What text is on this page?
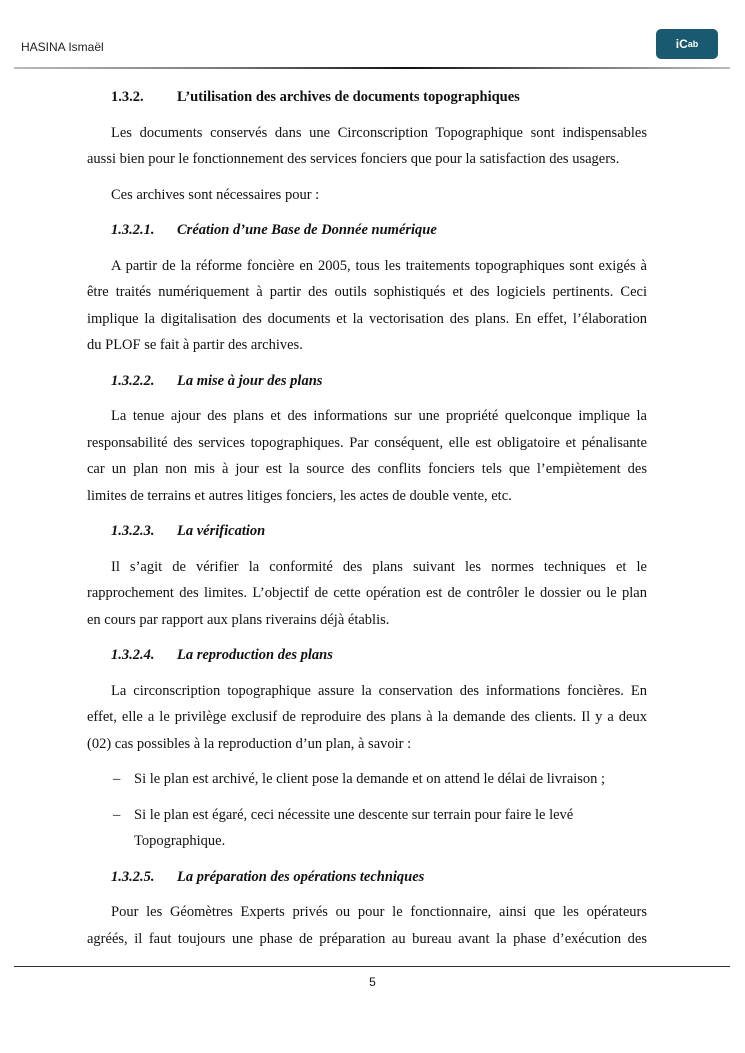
HASINA Ismaël	iC ab
1.3.2. L’utilisation des archives de documents topographiques
Les documents conservés dans une Circonscription Topographique sont indispensables
aussi bien pour le fonctionnement des services fonciers que pour la satisfaction des usagers.
Ces archives sont nécessaires pour :
1.3.2.1. Création d’une Base de Donnée numérique
A partir de la réforme foncière en 2005, tous les traitements topographiques sont exigés à
être traités numériquement à partir des outils sophistiqués et des logiciels pertinents. Ceci
implique la digitalisation des documents et la vectorisation des plans. En effet, l’élaboration
du PLOF se fait à partir des archives.
1.3.2.2. La mise à jour des plans
La tenue ajour des plans et des informations sur une propriété quelconque implique la
responsabilité des services topographiques. Par conséquent, elle est obligatoire et pénalisante
car un plan non mis à jour est la source des conflits fonciers tels que l’empiètement des
limites de terrains et autres litiges fonciers, les actes de double vente, etc.
1.3.2.3. La vérification
Il s’agit de vérifier la conformité des plans suivant les normes techniques et le
rapprochement des limites. L’objectif de cette opération est de contrôler le dossier ou le plan
en cours par rapport aux plans riverains déjà établis.
1.3.2.4. La reproduction des plans
La circonscription topographique assure la conservation des informations foncières. En
effet, elle a le privilège exclusif de reproduire des plans à la demande des clients. Il y a deux
(02) cas possibles à la reproduction d’un plan, à savoir :
– Si le plan est archivé, le client pose la demande et on attend le délai de livraison ;
– Si le plan est égaré, ceci nécessite une descente sur terrain pour faire le levé
Topographique.
1.3.2.5. La préparation des opérations techniques
Pour les Géomètres Experts privés ou pour le fonctionnaire, ainsi que les opérateurs
agréés, il faut toujours une phase de préparation au bureau avant la phase d’exécution des
5
